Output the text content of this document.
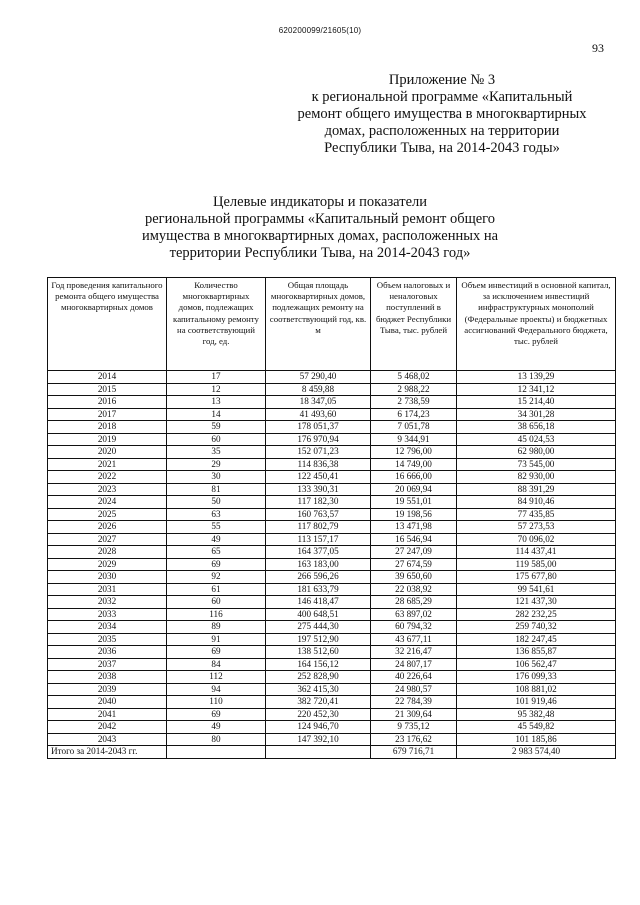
620200099/21605(10)
93
Приложение № 3
к региональной программе «Капитальный
ремонт общего имущества в многоквартирных
домах, расположенных на территории
Республики Тыва, на 2014-2043 годы»
Целевые индикаторы и показатели
региональной программы «Капитальный ремонт общего
имущества в многоквартирных домах, расположенных на
территории Республики Тыва, на 2014-2043 год»
Год проведения капитального ремонта общего имущества многоквартирных домов	Количество многоквартирных домов, подлежащих капитальному ремонту на соответствующий год, ед.	Общая площадь многоквартирных домов, подлежащих ремонту на соответствующий год, кв. м	Объем налоговых и неналоговых поступлений в бюджет Республики Тыва, тыс. рублей	Объем инвестиций в основной капитал, за исключением инвестиций инфраструктурных монополий (Федеральные проекты) и бюджетных ассигнований Федерального бюджета, тыс. рублей
2014	17	57 290,40	5 468,02	13 139,29
2015	12	8 459,88	2 988,22	12 341,12
2016	13	18 347,05	2 738,59	15 214,40
2017	14	41 493,60	6 174,23	34 301,28
2018	59	178 051,37	7 051,78	38 656,18
2019	60	176 970,94	9 344,91	45 024,53
2020	35	152 071,23	12 796,00	62 980,00
2021	29	114 836,38	14 749,00	73 545,00
2022	30	122 450,41	16 666,00	82 930,00
2023	81	133 390,31	20 069,94	88 391,29
2024	50	117 182,30	19 551,01	84 910,46
2025	63	160 763,57	19 198,56	77 435,85
2026	55	117 802,79	13 471,98	57 273,53
2027	49	113 157,17	16 546,94	70 096,02
2028	65	164 377,05	27 247,09	114 437,41
2029	69	163 183,00	27 674,59	119 585,00
2030	92	266 596,26	39 650,60	175 677,80
2031	61	181 633,79	22 038,92	99 541,61
2032	60	146 418,47	28 685,29	121 437,30
2033	116	400 648,51	63 897,02	282 232,25
2034	89	275 444,30	60 794,32	259 740,32
2035	91	197 512,90	43 677,11	182 247,45
2036	69	138 512,60	32 216,47	136 855,87
2037	84	164 156,12	24 807,17	106 562,47
2038	112	252 828,90	40 226,64	176 099,33
2039	94	362 415,30	24 980,57	108 881,02
2040	110	382 720,41	22 784,39	101 919,46
2041	69	220 452,30	21 309,64	95 382,48
2042	49	124 946,70	9 735,12	45 549,82
2043	80	147 392,10	23 176,62	101 185,86
Итого за 2014-2043 гг.			679 716,71	2 983 574,40
